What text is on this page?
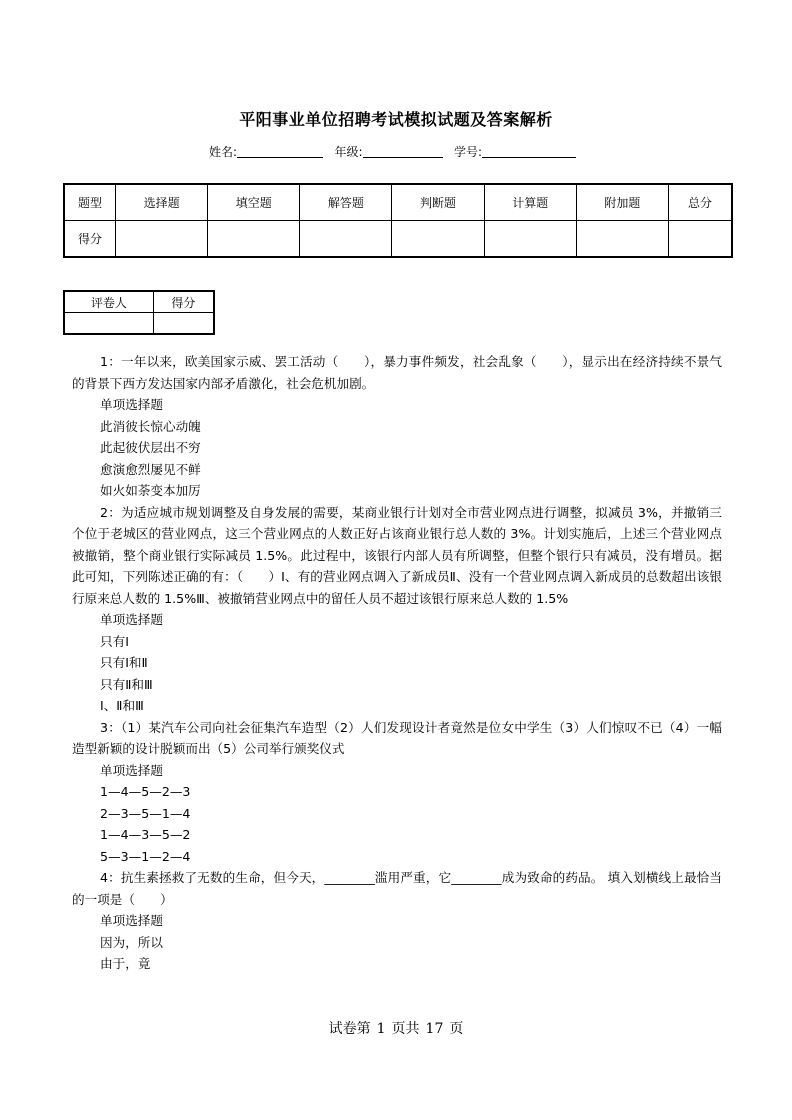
平阳事业单位招聘考试模拟试题及答案解析
姓名:	年级:	学号:
题型	选择题	填空题	解答题	判断题	计算题	附加题	总分
得分							
评卷人	得分

1：一年以来，欧美国家示威、罢工活动（　　），暴力事件频发，社会乱象（　　），显示出在经济持续不景气的背景下西方发达国家内部矛盾激化，社会危机加剧。

单项选择题

此消彼长惊心动魄

此起彼伏层出不穷

愈演愈烈屡见不鲜

如火如荼变本加厉

2：为适应城市规划调整及自身发展的需要，某商业银行计划对全市营业网点进行调整，拟减员 3%，并撤销三个位于老城区的营业网点，这三个营业网点的人数正好占该商业银行总人数的 3%。计划实施后，上述三个营业网点被撤销，整个商业银行实际减员 1.5%。此过程中，该银行内部人员有所调整，但整个银行只有减员，没有增员。据此可知，下列陈述正确的有：（　　）Ⅰ、有的营业网点调入了新成员Ⅱ、没有一个营业网点调入新成员的总数超出该银行原来总人数的 1.5%Ⅲ、被撤销营业网点中的留任人员不超过该银行原来总人数的 1.5%

单项选择题

只有Ⅰ

只有Ⅰ和Ⅱ

只有Ⅱ和Ⅲ

Ⅰ、Ⅱ和Ⅲ

3：（1）某汽车公司向社会征集汽车造型（2）人们发现设计者竟然是位女中学生（3）人们惊叹不已（4）一幅造型新颖的设计脱颖而出（5）公司举行颁奖仪式

单项选择题

1—4—5—2—3

2—3—5—1—4

1—4—3—5—2

5—3—1—2—4

4：抗生素拯救了无数的生命，但今天，________滥用严重，它________成为致命的药品。 填入划横线上最恰当的一项是（　　）

单项选择题

因为，所以

由于，竟

试卷第 1 页共 17 页
